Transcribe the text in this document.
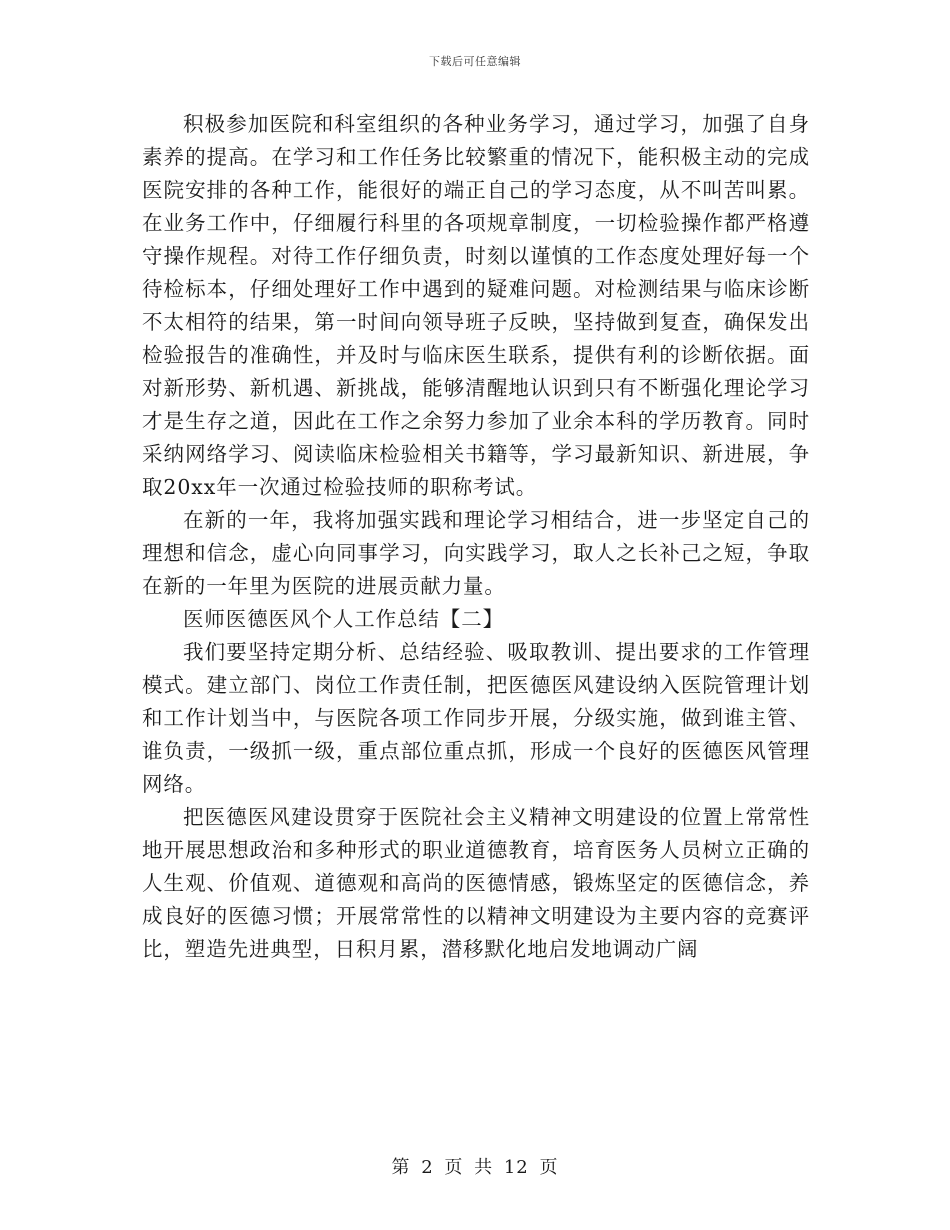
下载后可任意编辑

积极参加医院和科室组织的各种业务学习，通过学习，加强了自身素养的提高。在学习和工作任务比较繁重的情况下，能积极主动的完成医院安排的各种工作，能很好的端正自己的学习态度，从不叫苦叫累。在业务工作中，仔细履行科里的各项规章制度，一切检验操作都严格遵守操作规程。对待工作仔细负责，时刻以谨慎的工作态度处理好每一个待检标本，仔细处理好工作中遇到的疑难问题。对检测结果与临床诊断不太相符的结果，第一时间向领导班子反映，坚持做到复查，确保发出检验报告的准确性，并及时与临床医生联系，提供有利的诊断依据。面对新形势、新机遇、新挑战，能够清醒地认识到只有不断强化理论学习才是生存之道，因此在工作之余努力参加了业余本科的学历教育。同时采纳网络学习、阅读临床检验相关书籍等，学习最新知识、新进展，争取20xx年一次通过检验技师的职称考试。

在新的一年，我将加强实践和理论学习相结合，进一步坚定自己的理想和信念，虚心向同事学习，向实践学习，取人之长补己之短，争取在新的一年里为医院的进展贡献力量。

医师医德医风个人工作总结【二】

我们要坚持定期分析、总结经验、吸取教训、提出要求的工作管理模式。建立部门、岗位工作责任制，把医德医风建设纳入医院管理计划和工作计划当中，与医院各项工作同步开展，分级实施，做到谁主管、谁负责，一级抓一级，重点部位重点抓，形成一个良好的医德医风管理网络。

把医德医风建设贯穿于医院社会主义精神文明建设的位置上常常性地开展思想政治和多种形式的职业道德教育，培育医务人员树立正确的人生观、价值观、道德观和高尚的医德情感，锻炼坚定的医德信念，养成良好的医德习惯；开展常常性的以精神文明建设为主要内容的竞赛评比，塑造先进典型，日积月累，潜移默化地启发地调动广阔

第 2 页 共 12 页
